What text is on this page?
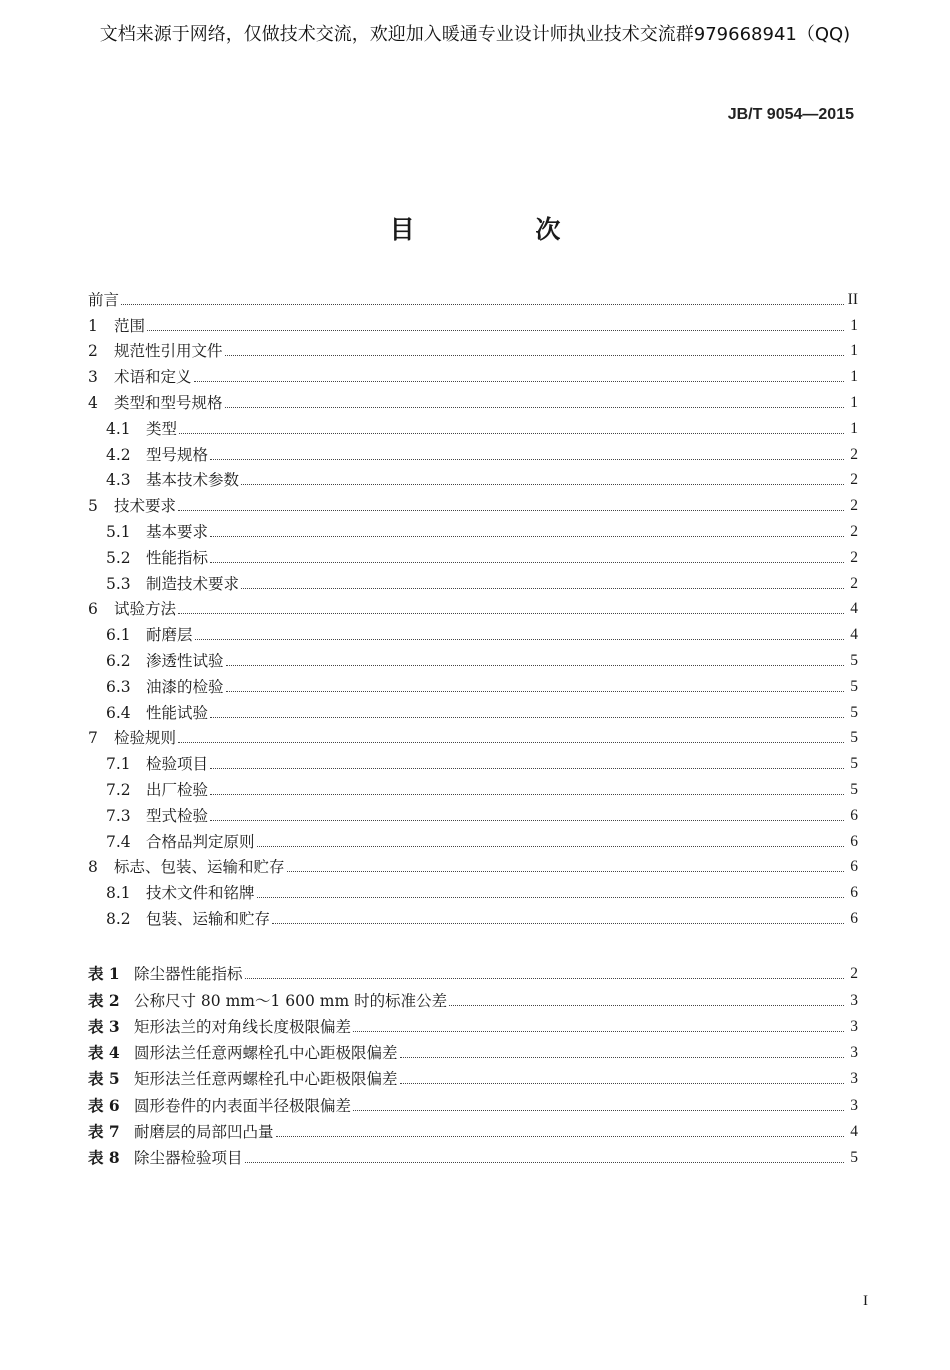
文档来源于网络，仅做技术交流，欢迎加入暖通专业设计师执业技术交流群979668941（QQ)
JB/T 9054—2015
目 次
前言	II
1	范围	1
2	规范性引用文件	1
3	术语和定义	1
4	类型和型号规格	1
4.1 类型	1
4.2 型号规格	2
4.3 基本技术参数	2
5	技术要求	2
5.1 基本要求	2
5.2 性能指标	2
5.3 制造技术要求	2
6	试验方法	4
6.1 耐磨层	4
6.2 渗透性试验	5
6.3 油漆的检验	5
6.4 性能试验	5
7	检验规则	5
7.1 检验项目	5
7.2 出厂检验	5
7.3 型式检验	6
7.4 合格品判定原则	6
8	标志、包装、运输和贮存	6
8.1 技术文件和铭牌	6
8.2 包装、运输和贮存	6
表 1 除尘器性能指标	2
表 2 公称尺寸 80 mm～1 600 mm 时的标准公差	3
表 3 矩形法兰的对角线长度极限偏差	3
表 4 圆形法兰任意两螺栓孔中心距极限偏差	3
表 5 矩形法兰任意两螺栓孔中心距极限偏差	3
表 6 圆形卷件的内表面半径极限偏差	3
表 7 耐磨层的局部凹凸量	4
表 8 除尘器检验项目	5
I
